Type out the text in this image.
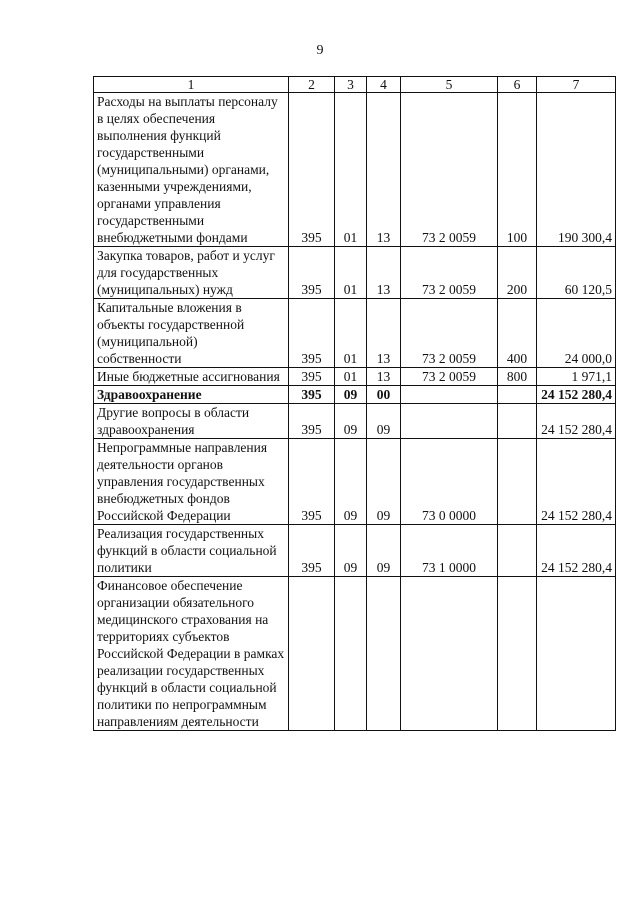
9
1	2	3	4	5	6	7
Расходы на выплаты персоналу в целях обеспечения выполнения функций государственными (муниципальными) органами, казенными учреждениями, органами управления государственными внебюджетными фондами	395	01	13	73 2 0059	100	190 300,4
Закупка товаров, работ и услуг для государственных (муниципальных) нужд	395	01	13	73 2 0059	200	60 120,5
Капитальные вложения в объекты государственной (муниципальной) собственности	395	01	13	73 2 0059	400	24 000,0
Иные бюджетные ассигнования	395	01	13	73 2 0059	800	1 971,1
Здравоохранение	395	09	00			24 152 280,4
Другие вопросы в области здравоохранения	395	09	09			24 152 280,4
Непрограммные направления деятельности органов управления государственных внебюджетных фондов Российской Федерации	395	09	09	73 0 0000		24 152 280,4
Реализация государственных функций в области социальной политики	395	09	09	73 1 0000		24 152 280,4
Финансовое обеспечение организации обязательного медицинского страхования на территориях субъектов Российской Федерации в рамках реализации государственных функций в области социальной политики по непрограммным направлениям деятельности						
